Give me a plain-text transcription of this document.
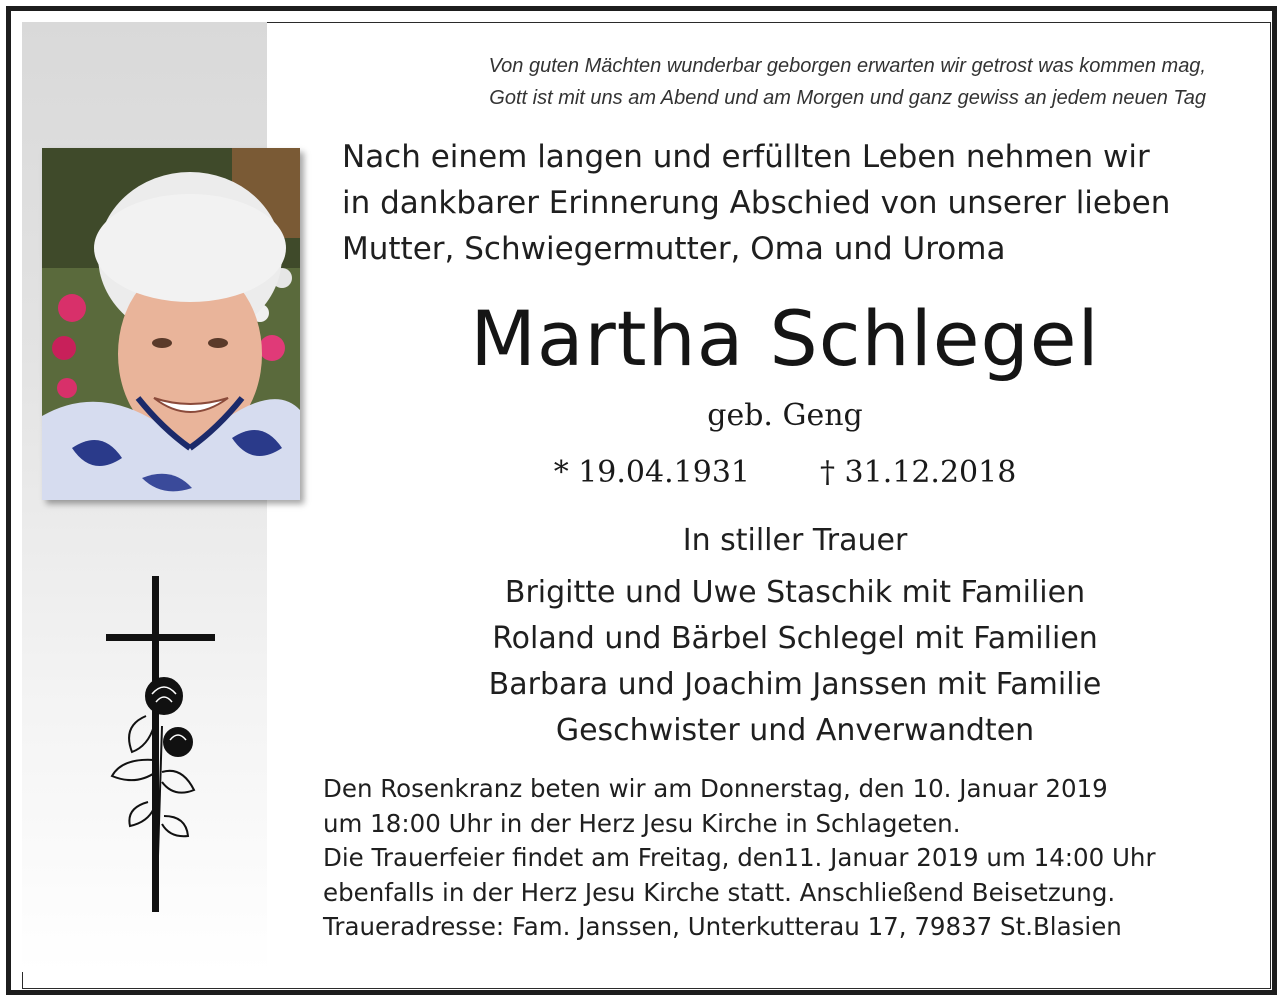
Von guten Mächten wunderbar geborgen erwarten wir getrost was kommen mag,
Gott ist mit uns am Abend und am Morgen und ganz gewiss an jedem neuen Tag
Nach einem langen und erfüllten Leben nehmen wir
in dankbarer Erinnerung Abschied von unserer lieben
Mutter, Schwiegermutter, Oma und Uroma
Martha Schlegel
geb. Geng
* 19.04.1931 † 31.12.2018
In stiller Trauer
Brigitte und Uwe Staschik mit Familien
Roland und Bärbel Schlegel mit Familien
Barbara und Joachim Janssen mit Familie
Geschwister und Anverwandten
Den Rosenkranz beten wir am Donnerstag, den 10. Januar 2019
um 18:00 Uhr in der Herz Jesu Kirche in Schlageten.
Die Trauerfeier findet am Freitag, den11. Januar 2019 um 14:00 Uhr
ebenfalls in der Herz Jesu Kirche statt. Anschließend Beisetzung.
Traueradresse: Fam. Janssen, Unterkutterau 17, 79837 St.Blasien
